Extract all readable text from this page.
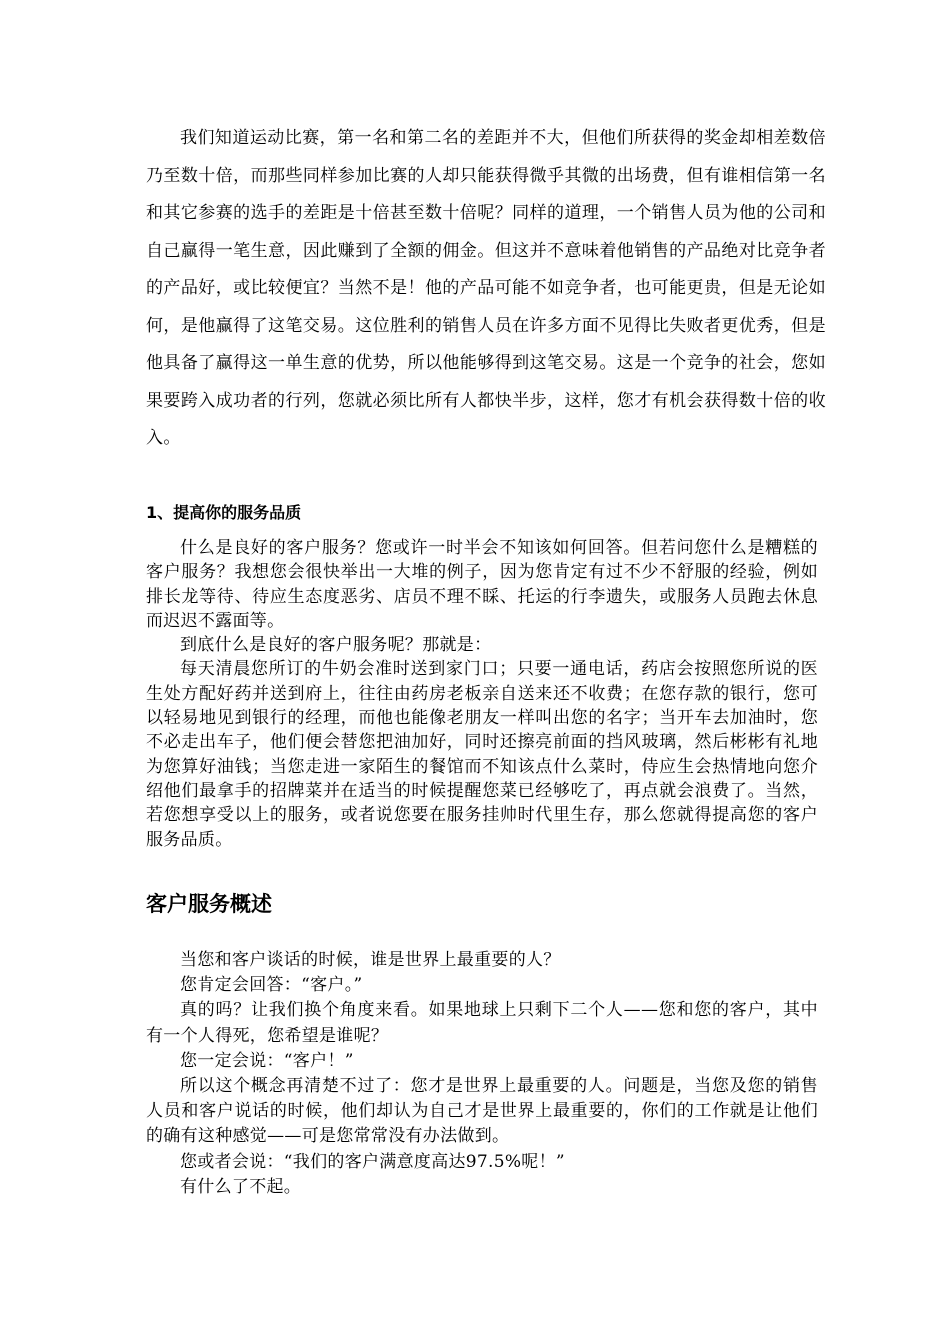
我们知道运动比赛，第一名和第二名的差距并不大，但他们所获得的奖金却相差数倍乃至数十倍，而那些同样参加比赛的人却只能获得微乎其微的出场费，但有谁相信第一名和其它参赛的选手的差距是十倍甚至数十倍呢？同样的道理，一个销售人员为他的公司和自己赢得一笔生意，因此赚到了全额的佣金。但这并不意味着他销售的产品绝对比竞争者的产品好，或比较便宜？当然不是！他的产品可能不如竞争者，也可能更贵，但是无论如何，是他赢得了这笔交易。这位胜利的销售人员在许多方面不见得比失败者更优秀，但是他具备了赢得这一单生意的优势，所以他能够得到这笔交易。这是一个竞争的社会，您如果要跨入成功者的行列，您就必须比所有人都快半步，这样，您才有机会获得数十倍的收入。

1、提高你的服务品质

什么是良好的客户服务？您或许一时半会不知该如何回答。但若问您什么是糟糕的客户服务？我想您会很快举出一大堆的例子，因为您肯定有过不少不舒服的经验，例如排长龙等待、待应生态度恶劣、店员不理不睬、托运的行李遗失，或服务人员跑去休息而迟迟不露面等。

到底什么是良好的客户服务呢？那就是：

每天清晨您所订的牛奶会准时送到家门口；只要一通电话，药店会按照您所说的医生处方配好药并送到府上，往往由药房老板亲自送来还不收费；在您存款的银行，您可以轻易地见到银行的经理，而他也能像老朋友一样叫出您的名字；当开车去加油时，您不必走出车子，他们便会替您把油加好，同时还擦亮前面的挡风玻璃，然后彬彬有礼地为您算好油钱；当您走进一家陌生的餐馆而不知该点什么菜时，侍应生会热情地向您介绍他们最拿手的招牌菜并在适当的时候提醒您菜已经够吃了，再点就会浪费了。当然，若您想享受以上的服务，或者说您要在服务挂帅时代里生存，那么您就得提高您的客户服务品质。

客户服务概述

当您和客户谈话的时候，谁是世界上最重要的人？

您肯定会回答：“客户。”

真的吗？让我们换个角度来看。如果地球上只剩下二个人——您和您的客户，其中有一个人得死，您希望是谁呢？

您一定会说：“客户！”

所以这个概念再清楚不过了：您才是世界上最重要的人。问题是，当您及您的销售人员和客户说话的时候，他们却认为自己才是世界上最重要的，你们的工作就是让他们的确有这种感觉——可是您常常没有办法做到。

您或者会说：“我们的客户满意度高达97.5%呢！”

有什么了不起。
